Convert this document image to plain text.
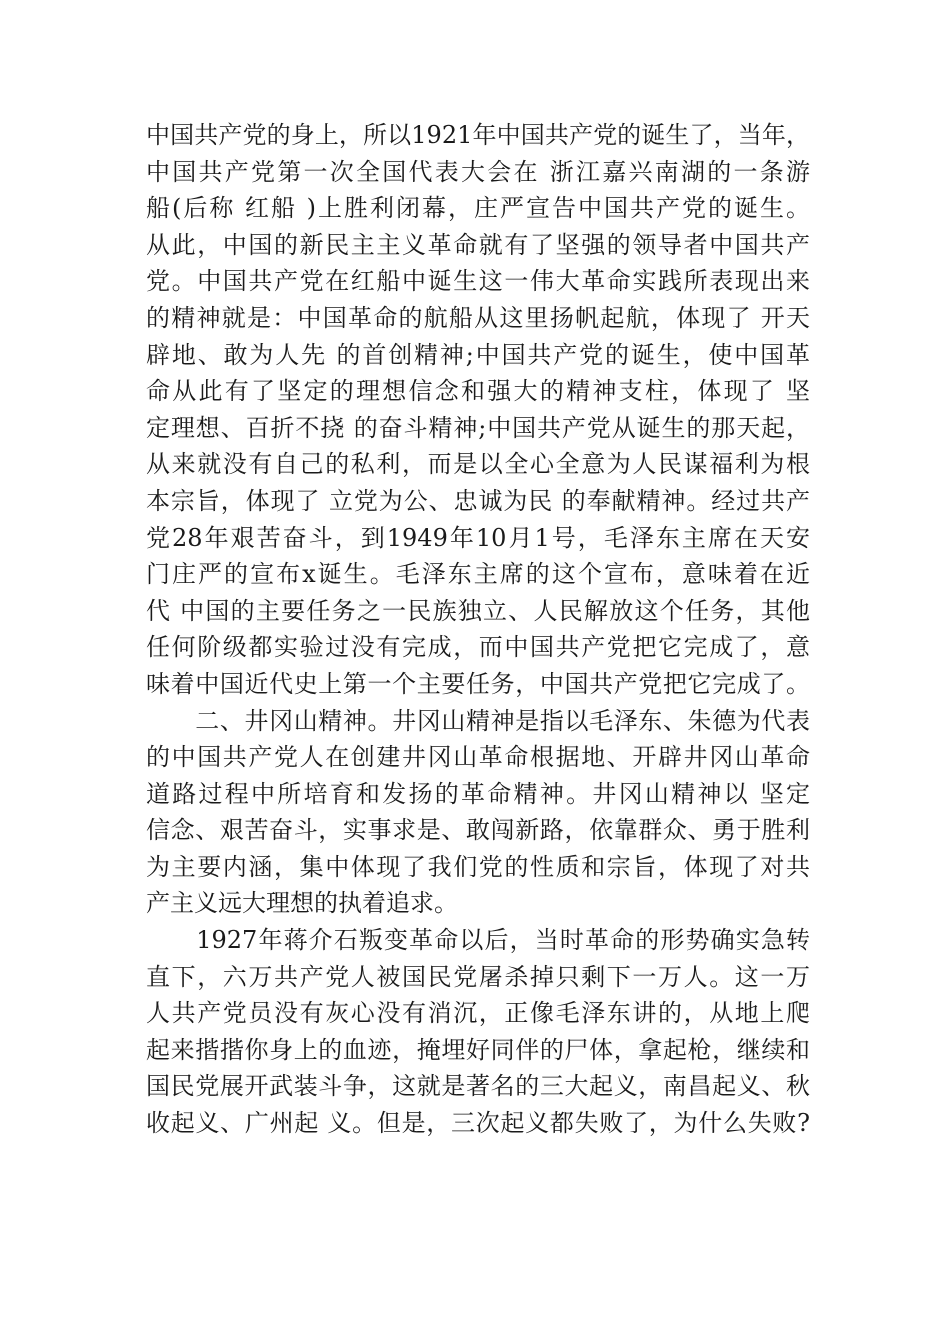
中国共产党的身上，所以1921年中国共产党的诞生了，当年，
中国共产党第一次全国代表大会在 浙江嘉兴南湖的一条游
船(后称 红船 )上胜利闭幕，庄严宣告中国共产党的诞生。
从此，中国的新民主主义革命就有了坚强的领导者中国共产
党。中国共产党在红船中诞生这一伟大革命实践所表现出来
的精神就是：中国革命的航船从这里扬帆起航，体现了 开天
辟地、敢为人先 的首创精神;中国共产党的诞生，使中国革
命从此有了坚定的理想信念和强大的精神支柱，体现了 坚
定理想、百折不挠 的奋斗精神;中国共产党从诞生的那天起，
从来就没有自己的私利，而是以全心全意为人民谋福利为根
本宗旨，体现了 立党为公、忠诚为民 的奉献精神。经过共产
党28年艰苦奋斗，到1949年10月1号，毛泽东主席在天安
门庄严的宣布x诞生。毛泽东主席的这个宣布，意味着在近
代 中国的主要任务之一民族独立、人民解放这个任务，其他
任何阶级都实验过没有完成，而中国共产党把它完成了，意
味着中国近代史上第一个主要任务，中国共产党把它完成了。
　　二、井冈山精神。井冈山精神是指以毛泽东、朱德为代表
的中国共产党人在创建井冈山革命根据地、开辟井冈山革命
道路过程中所培育和发扬的革命精神。井冈山精神以 坚定
信念、艰苦奋斗，实事求是、敢闯新路，依靠群众、勇于胜利
为主要内涵，集中体现了我们党的性质和宗旨，体现了对共
产主义远大理想的执着追求。
　　1927年蒋介石叛变革命以后，当时革命的形势确实急转
直下，六万共产党人被国民党屠杀掉只剩下一万人。这一万
人共产党员没有灰心没有消沉，正像毛泽东讲的，从地上爬
起来揩揩你身上的血迹，掩埋好同伴的尸体，拿起枪，继续和
国民党展开武装斗争，这就是著名的三大起义，南昌起义、秋
收起义、广州起 义。但是，三次起义都失败了，为什么失败?
